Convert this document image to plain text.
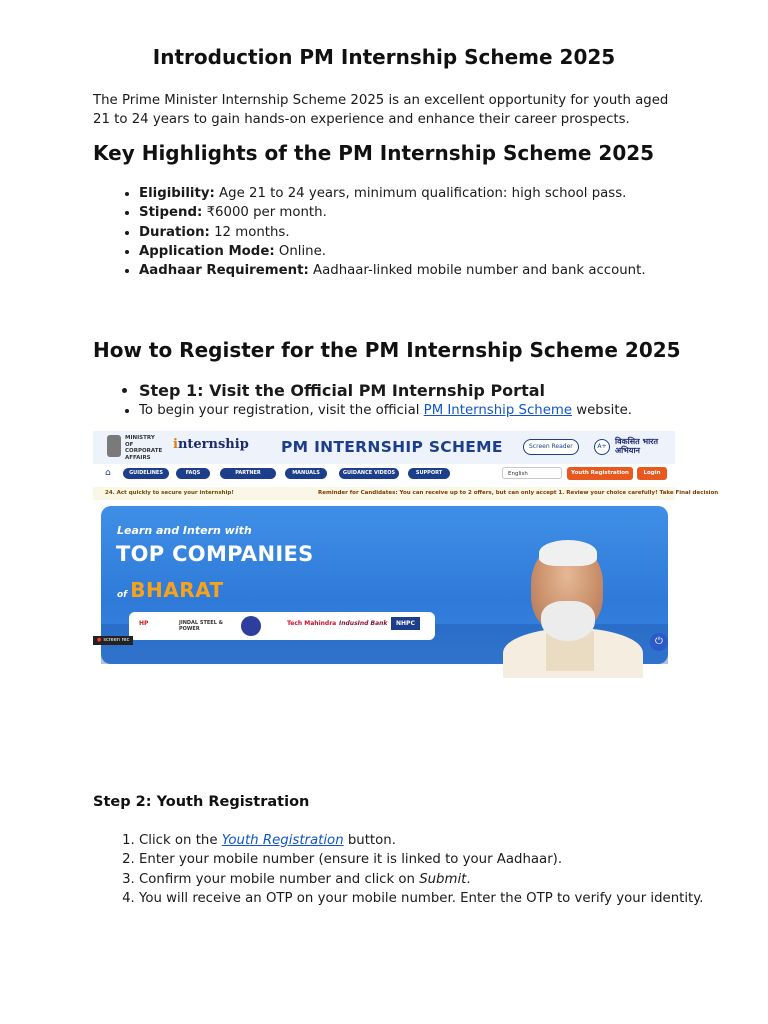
Introduction PM Internship Scheme 2025

The Prime Minister Internship Scheme 2025 is an excellent opportunity for youth aged 21 to 24 years to gain hands-on experience and enhance their career prospects.

Key Highlights of the PM Internship Scheme 2025
• Eligibility: Age 21 to 24 years, minimum qualification: high school pass.
• Stipend: ₹6000 per month.
• Duration: 12 months.
• Application Mode: Online.
• Aadhaar Requirement: Aadhaar-linked mobile number and bank account.
How to Register for the PM Internship Scheme 2025
• Step 1: Visit the Official PM Internship Portal
• To begin your registration, visit the official PM Internship Scheme website.
MINISTRY OF CORPORATE AFFAIRS
internship PM INTERNSHIP SCHEME	Screen Reader	A+
विकसित भारत अभियान
⌂	GUIDELINES	FAQS	PARTNER COMPANIES
MANUALS	GUIDANCE VIDEOS	SUPPORT	English	Youth Registration	Login
24. Act quickly to secure your internship!	Reminder for Candidates: You can receive up to 2 offers, but can only accept 1. Review your choice carefully! Take Final decision
Learn and Intern with
TOP COMPANIES
of BHARAT
HP	JINDAL STEEL & POWER
Tech Mahindra IndusInd Bank	NHPC
● screen rec	⏻
Step 2: Youth Registration
1. Click on the Youth Registration button.
2. Enter your mobile number (ensure it is linked to your Aadhaar).
3. Confirm your mobile number and click on Submit.
4. You will receive an OTP on your mobile number. Enter the OTP to verify your identity.
